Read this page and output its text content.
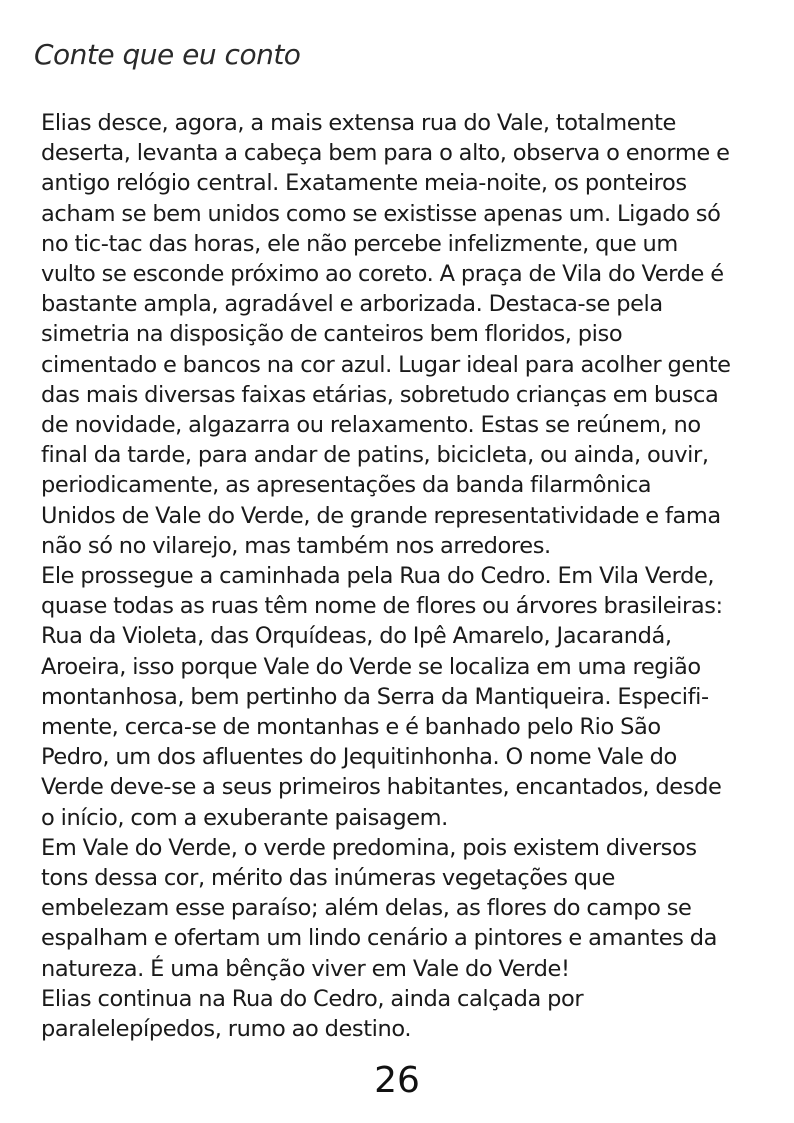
Conte que eu conto

Elias desce, agora, a mais extensa rua do Vale, totalmente
deserta, levanta a cabeça bem para o alto, observa o enorme e
antigo relógio central. Exatamente meia-noite, os ponteiros
acham se bem unidos como se existisse apenas um. Ligado só
no tic-tac das horas, ele não percebe infelizmente, que um
vulto se esconde próximo ao coreto. A praça de Vila do Verde é
bastante ampla, agradável e arborizada. Destaca-se pela
simetria na disposição de canteiros bem floridos, piso
cimentado e bancos na cor azul. Lugar ideal para acolher gente
das mais diversas faixas etárias, sobretudo crianças em busca
de novidade, algazarra ou relaxamento. Estas se reúnem, no
final da tarde, para andar de patins, bicicleta, ou ainda, ouvir,
periodicamente, as apresentações da banda filarmônica
Unidos de Vale do Verde, de grande representatividade e fama
não só no vilarejo, mas também nos arredores.

Ele prossegue a caminhada pela Rua do Cedro. Em Vila Verde,
quase todas as ruas têm nome de flores ou árvores brasileiras:
Rua da Violeta, das Orquídeas, do Ipê Amarelo, Jacarandá,
Aroeira, isso porque Vale do Verde se localiza em uma região
montanhosa, bem pertinho da Serra da Mantiqueira. Especifi-
mente, cerca-se de montanhas e é banhado pelo Rio São
Pedro, um dos afluentes do Jequitinhonha. O nome Vale do
Verde deve-se a seus primeiros habitantes, encantados, desde
o início, com a exuberante paisagem.

Em Vale do Verde, o verde predomina, pois existem diversos
tons dessa cor, mérito das inúmeras vegetações que
embelezam esse paraíso; além delas, as flores do campo se
espalham e ofertam um lindo cenário a pintores e amantes da
natureza. É uma bênção viver em Vale do Verde!

Elias continua na Rua do Cedro, ainda calçada por
paralelepípedos, rumo ao destino.

26
